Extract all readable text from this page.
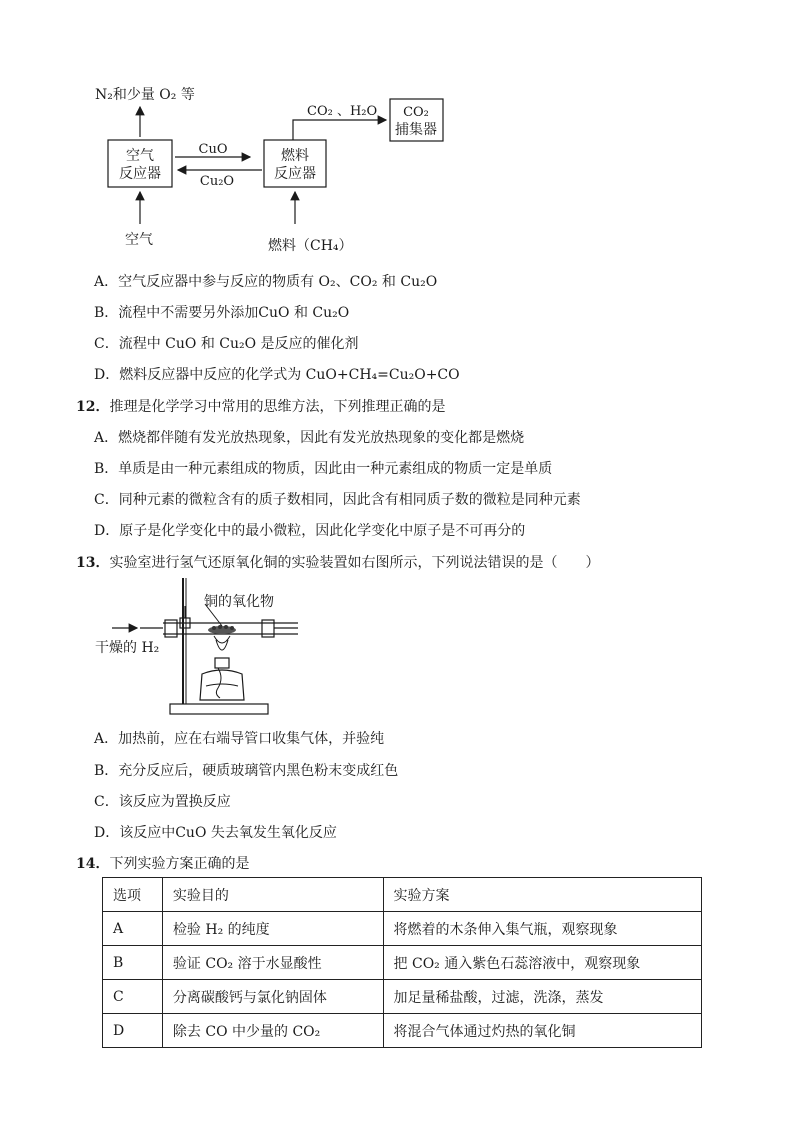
N₂和少量 O₂ 等
空气
反应器
CuO
Cu₂O
燃料
反应器
CO₂ 、H₂O CO₂
捕集器
空气	燃料（CH₄）
A．空气反应器中参与反应的物质有 O₂、CO₂ 和 Cu₂O
B．流程中不需要另外添加CuO 和 Cu₂O
C．流程中 CuO 和 Cu₂O 是反应的催化剂
D．燃料反应器中反应的化学式为 CuO+CH₄=Cu₂O+CO
12．推理是化学学习中常用的思维方法，下列推理正确的是
A．燃烧都伴随有发光放热现象，因此有发光放热现象的变化都是燃烧
B．单质是由一种元素组成的物质，因此由一种元素组成的物质一定是单质
C．同种元素的微粒含有的质子数相同，因此含有相同质子数的微粒是同种元素
D．原子是化学变化中的最小微粒，因此化学变化中原子是不可再分的
13．实验室进行氢气还原氧化铜的实验装置如右图所示，下列说法错误的是（　　）
铜的氧化物
干燥的 H₂
A．加热前，应在右端导管口收集气体，并验纯
B．充分反应后，硬质玻璃管内黑色粉末变成红色
C．该反应为置换反应
D．该反应中CuO 失去氧发生氧化反应
14．下列实验方案正确的是
选项	实验目的	实验方案
A	检验 H₂ 的纯度	将燃着的木条伸入集气瓶，观察现象
B	验证 CO₂ 溶于水显酸性	把 CO₂ 通入紫色石蕊溶液中，观察现象
C	分离碳酸钙与氯化钠固体	加足量稀盐酸，过滤，洗涤，蒸发
D	除去 CO 中少量的 CO₂	将混合气体通过灼热的氧化铜
